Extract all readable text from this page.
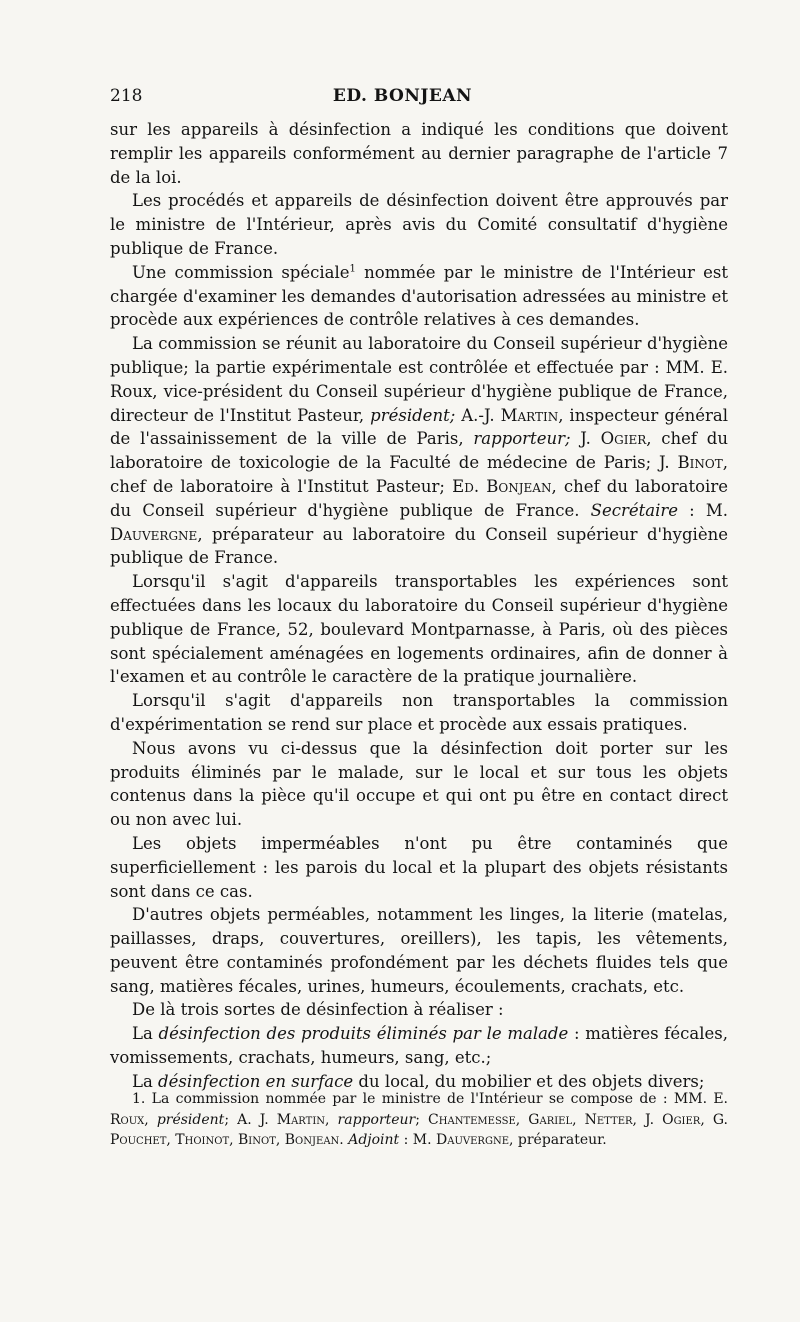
218	ED. BONJEAN

sur les appareils à désinfection a indiqué les conditions que doivent remplir les appareils conformément au dernier paragraphe de l'article 7 de la loi.

Les procédés et appareils de désinfection doivent être approuvés par le ministre de l'Intérieur, après avis du Comité consultatif d'hygiène publique de France.

Une commission spéciale$^1$ nommée par le ministre de l'Intérieur est chargée d'examiner les demandes d'autorisation adressées au ministre et procède aux expériences de contrôle relatives à ces demandes.

La commission se réunit au laboratoire du Conseil supérieur d'hygiène publique; la partie expérimentale est contrôlée et effectuée par : MM. E. Roux, vice-président du Conseil supérieur d'hygiène publique de France, directeur de l'Institut Pasteur, président; A.-J. Martin, inspecteur général de l'assainissement de la ville de Paris, rapporteur; J. Ogier, chef du laboratoire de toxicologie de la Faculté de médecine de Paris; J. Binot, chef de laboratoire à l'Institut Pasteur; Ed. Bonjean, chef du laboratoire du Conseil supérieur d'hygiène publique de France. Secrétaire : M. Dauvergne, préparateur au laboratoire du Conseil supérieur d'hygiène publique de France.

Lorsqu'il s'agit d'appareils transportables les expériences sont effectuées dans les locaux du laboratoire du Conseil supérieur d'hygiène publique de France, 52, boulevard Montparnasse, à Paris, où des pièces sont spécialement aménagées en logements ordinaires, afin de donner à l'examen et au contrôle le caractère de la pratique journalière.

Lorsqu'il s'agit d'appareils non transportables la commission d'expérimentation se rend sur place et procède aux essais pratiques.

Nous avons vu ci-dessus que la désinfection doit porter sur les produits éliminés par le malade, sur le local et sur tous les objets contenus dans la pièce qu'il occupe et qui ont pu être en contact direct ou non avec lui.

Les objets imperméables n'ont pu être contaminés que superficiellement : les parois du local et la plupart des objets résistants sont dans ce cas.

D'autres objets perméables, notamment les linges, la literie (matelas, paillasses, draps, couvertures, oreillers), les tapis, les vêtements, peuvent être contaminés profondément par les déchets fluides tels que sang, matières fécales, urines, humeurs, écoulements, crachats, etc.

De là trois sortes de désinfection à réaliser :

La désinfection des produits éliminés par le malade : matières fécales, vomissements, crachats, humeurs, sang, etc.;

La désinfection en surface du local, du mobilier et des objets divers;

1. La commission nommée par le ministre de l'Intérieur se compose de : MM. E. Roux, président; A. J. Martin, rapporteur; Chantemesse, Gariel, Netter, J. Ogier, G. Pouchet, Thoinot, Binot, Bonjean. Adjoint : M. Dauvergne, préparateur.
